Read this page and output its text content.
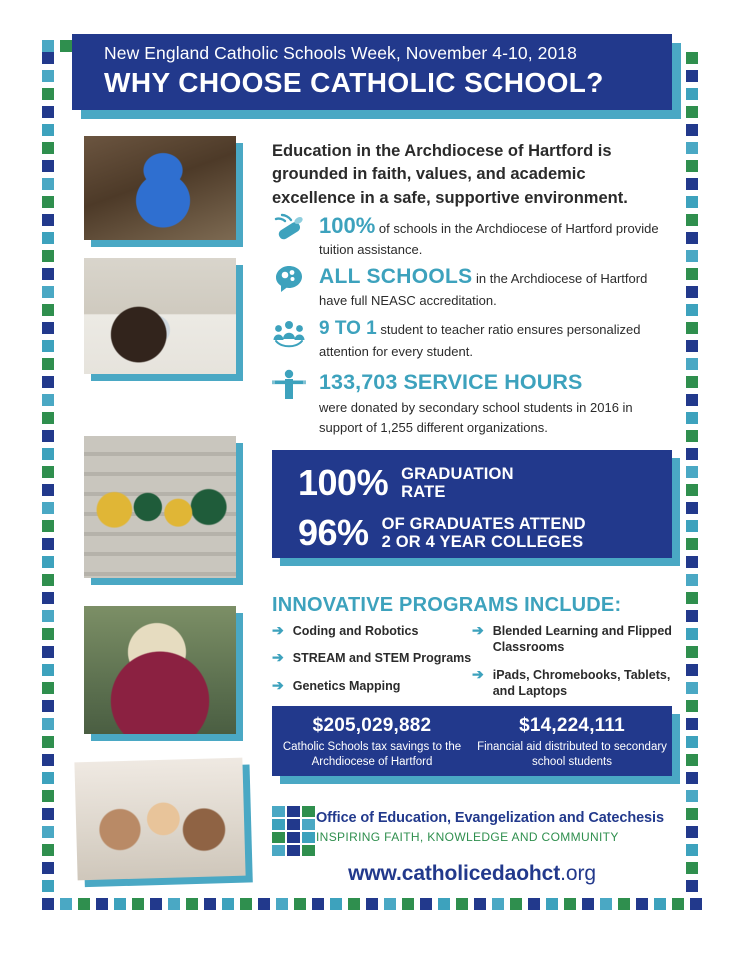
New England Catholic Schools Week, November 4-10, 2018
WHY CHOOSE CATHOLIC SCHOOL?
Education in the Archdiocese of Hartford is grounded in faith, values, and academic excellence in a safe, supportive environment.
100% of schools in the Archdiocese of Hartford provide tuition assistance.
ALL SCHOOLS in the Archdiocese of Hartford have full NEASC accreditation.
9 TO 1 student to teacher ratio ensures personalized attention for every student.
133,703 SERVICE HOURS
were donated by secondary school students in 2016 in support of 1,255 different organizations.
100% GRADUATION
RATE
96% OF GRADUATES ATTEND
2 OR 4 YEAR COLLEGES
INNOVATIVE PROGRAMS INCLUDE:
➔ Coding and Robotics
➔ STREAM and STEM Programs
➔ Genetics Mapping
➔ Blended Learning and Flipped Classrooms
➔ iPads, Chromebooks, Tablets, and Laptops
$205,029,882
Catholic Schools tax savings to the Archdiocese of Hartford
$14,224,111
Financial aid distributed to secondary school students
Office of Education, Evangelization and Catechesis
INSPIRING FAITH, KNOWLEDGE AND COMMUNITY
www.catholicedaohct.org
